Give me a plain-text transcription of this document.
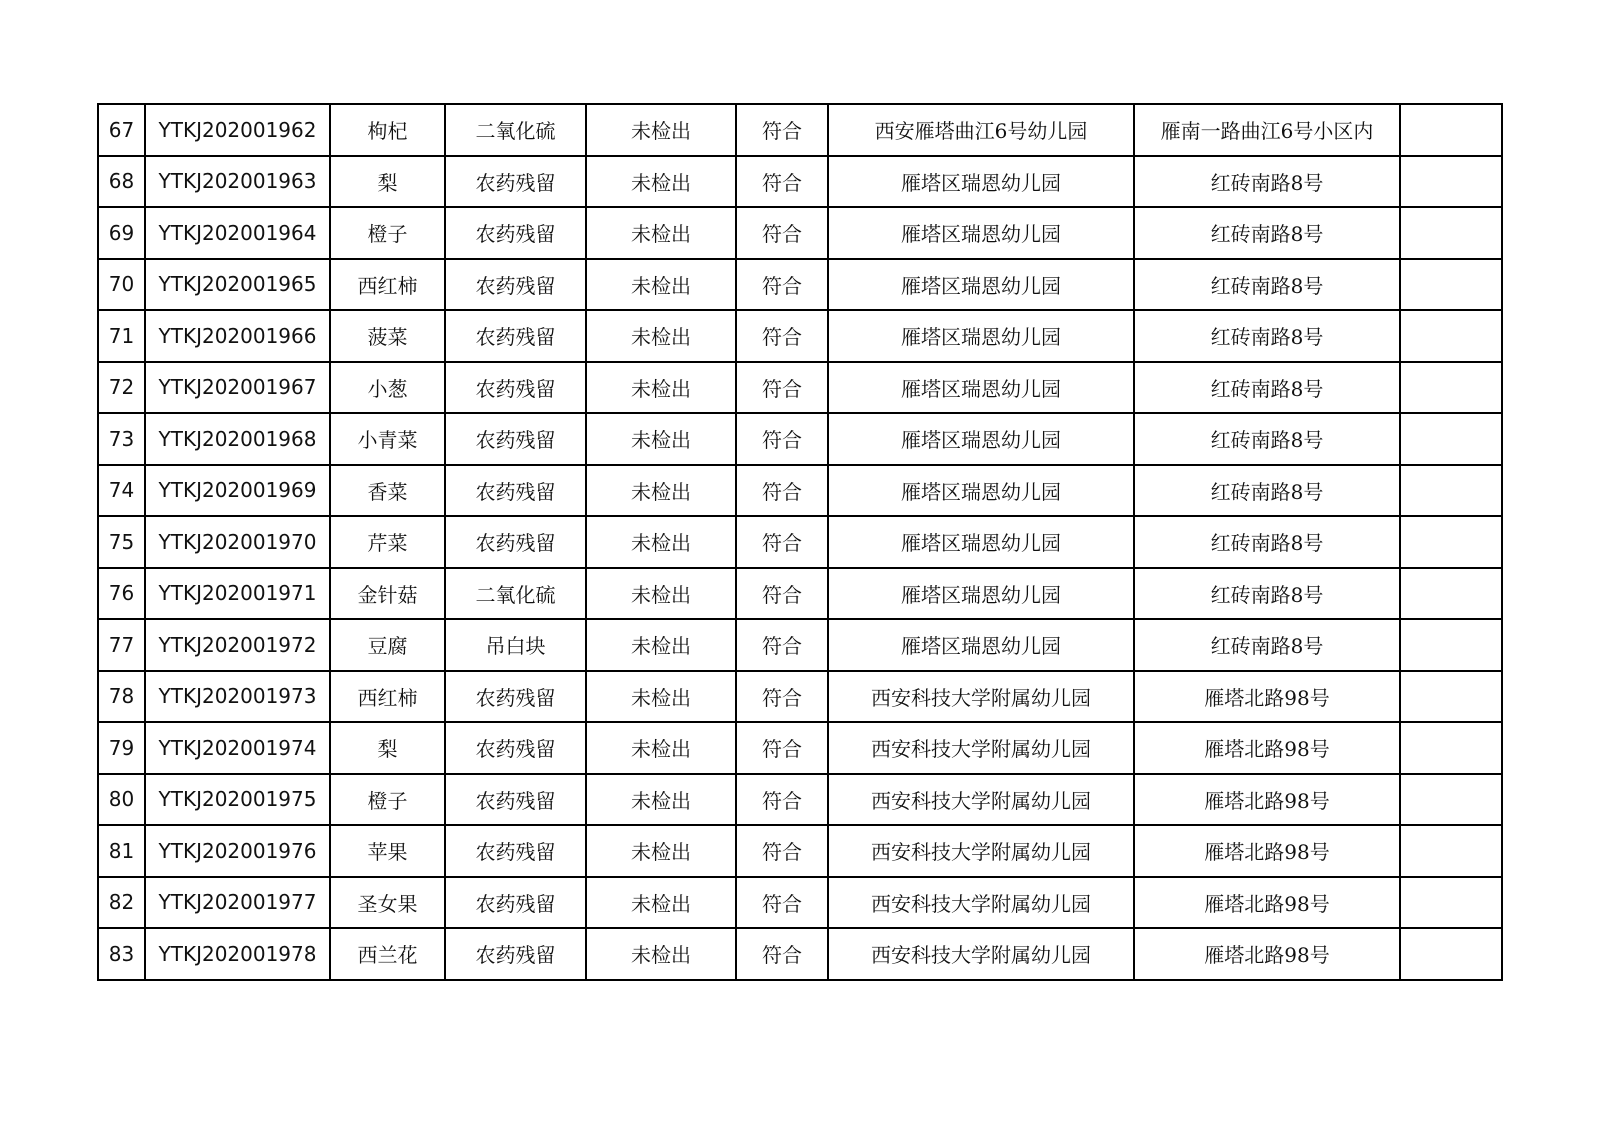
67	YTKJ202001962	枸杞	二氧化硫	未检出	符合	西安雁塔曲江6号幼儿园	雁南一路曲江6号小区内	
68	YTKJ202001963	梨	农药残留	未检出	符合	雁塔区瑞恩幼儿园	红砖南路8号	
69	YTKJ202001964	橙子	农药残留	未检出	符合	雁塔区瑞恩幼儿园	红砖南路8号	
70	YTKJ202001965	西红柿	农药残留	未检出	符合	雁塔区瑞恩幼儿园	红砖南路8号	
71	YTKJ202001966	菠菜	农药残留	未检出	符合	雁塔区瑞恩幼儿园	红砖南路8号	
72	YTKJ202001967	小葱	农药残留	未检出	符合	雁塔区瑞恩幼儿园	红砖南路8号	
73	YTKJ202001968	小青菜	农药残留	未检出	符合	雁塔区瑞恩幼儿园	红砖南路8号	
74	YTKJ202001969	香菜	农药残留	未检出	符合	雁塔区瑞恩幼儿园	红砖南路8号	
75	YTKJ202001970	芹菜	农药残留	未检出	符合	雁塔区瑞恩幼儿园	红砖南路8号	
76	YTKJ202001971	金针菇	二氧化硫	未检出	符合	雁塔区瑞恩幼儿园	红砖南路8号	
77	YTKJ202001972	豆腐	吊白块	未检出	符合	雁塔区瑞恩幼儿园	红砖南路8号	
78	YTKJ202001973	西红柿	农药残留	未检出	符合	西安科技大学附属幼儿园	雁塔北路98号	
79	YTKJ202001974	梨	农药残留	未检出	符合	西安科技大学附属幼儿园	雁塔北路98号	
80	YTKJ202001975	橙子	农药残留	未检出	符合	西安科技大学附属幼儿园	雁塔北路98号	
81	YTKJ202001976	苹果	农药残留	未检出	符合	西安科技大学附属幼儿园	雁塔北路98号	
82	YTKJ202001977	圣女果	农药残留	未检出	符合	西安科技大学附属幼儿园	雁塔北路98号	
83	YTKJ202001978	西兰花	农药残留	未检出	符合	西安科技大学附属幼儿园	雁塔北路98号	
